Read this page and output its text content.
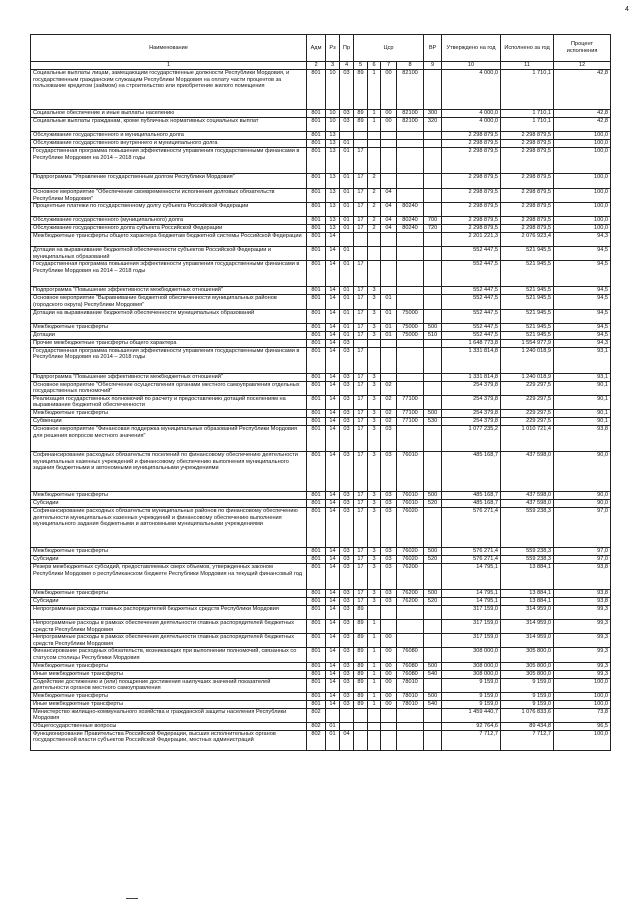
4
Наименование	Адм	Рз	Пр	Цср				ВР	Утверждено на год	Исполнено за год	Процент исполнения
1	2	3	4	5	6	7	8	9	10	11	12
Социальные выплаты лицам, замещающим государственные должности Республики Мордовия, и государственным гражданским служащим Республики Мордовия на оплату части процентов за пользование кредитом (займом) на строительство или приобретение жилого помещения	801	10	03	89	1	00	82100		4 000,0	1 710,1	42,8
Социальное обеспечение и иные выплаты населению	801	10	03	89	1	00	82100	300	4 000,0	1 710,1	42,8
Социальные выплаты гражданам, кроме публичных нормативных социальных выплат	801	10	03	89	1	00	82100	320	4 000,0	1 710,1	42,8
Обслуживание государственного и муниципального долга	801	13							2 298 879,5	2 298 879,5	100,0
Обслуживание государственного внутреннего и муниципального долга	801	13	01						2 298 879,5	2 298 879,5	100,0
Государственная программа повышения эффективности управления государственными финансами в Республике Мордовия на 2014 – 2018 годы	801	13	01	17					2 298 879,5	2 298 879,5	100,0
Подпрограмма "Управление государственным долгом Республики Мордовия"	801	13	01	17	2				2 298 879,5	2 298 879,5	100,0
Основное мероприятие "Обеспечение своевременности исполнения долговых обязательств Республики Мордовия"	801	13	01	17	2	04			2 298 879,5	2 298 879,5	100,0
Процентные платежи по государственному долгу субъекта Российской Федерации	801	13	01	17	2	04	80240		2 298 879,5	2 298 879,5	100,0
Обслуживание государственного (муниципального) долга	801	13	01	17	2	04	80240	700	2 298 879,5	2 298 879,5	100,0
Обслуживание государственного долга субъекта Российской Федерации	801	13	01	17	2	04	80240	720	2 298 879,5	2 298 879,5	100,0
Межбюджетные трансферты общего характера бюджетам бюджетной системы Российской Федерации	801	14							2 201 221,3	2 076 923,4	94,3
Дотации на выравнивание бюджетной обеспеченности субъектов Российской Федерации и муниципальных образований	801	14	01						552 447,5	521 945,5	94,5
Государственная программа повышения эффективности управления государственными финансами в Республике Мордовия на 2014 – 2018 годы	801	14	01	17					552 447,5	521 945,5	94,5
Подпрограмма "Повышение эффективности межбюджетных отношений"	801	14	01	17	3				552 447,5	521 945,5	94,5
Основное мероприятие "Выравнивание бюджетной обеспеченности муниципальных районов (городского округа) Республики Мордовия"	801	14	01	17	3	01			552 447,5	521 945,5	94,5
Дотации на выравнивание бюджетной обеспеченности муниципальных образований	801	14	01	17	3	01	75000		552 447,5	521 945,5	94,5
Межбюджетные трансферты	801	14	01	17	3	01	75000	500	552 447,5	521 945,5	94,5
Дотации	801	14	01	17	3	01	75000	510	552 447,5	521 945,5	94,5
Прочие межбюджетные трансферты общего характера	801	14	03						1 648 773,8	1 554 977,9	94,3
Государственная программа повышения эффективности управления государственными финансами в Республике Мордовия на 2014 – 2018 годы	801	14	03	17					1 331 814,8	1 240 018,9	93,1
Подпрограмма "Повышение эффективности межбюджетных отношений"	801	14	03	17	3				1 331 814,8	1 240 018,9	93,1
Основное мероприятие "Обеспечение осуществления органами местного самоуправления отдельных государственных полномочий"	801	14	03	17	3	02			254 379,8	229 297,5	90,1
Реализация государственных полномочий по расчету и предоставлению дотаций поселениям на выравнивание бюджетной обеспеченности	801	14	03	17	3	02	77100		254 379,8	229 297,5	90,1
Межбюджетные трансферты	801	14	03	17	3	02	77100	500	254 379,8	229 297,5	90,1
Субвенции	801	14	03	17	3	02	77100	530	254 379,8	229 297,5	90,1
Основное мероприятие "Финансовая поддержка муниципальных образований Республики Мордовия для решения вопросов местного значения"	801	14	03	17	3	03			1 077 235,2	1 010 721,4	93,8
Софинансирование расходных обязательств поселений по финансовому обеспечению деятельности муниципальных казенных учреждений и финансовому обеспечению выполнения муниципального задания бюджетными и автономными муниципальными учреждениями	801	14	03	17	3	03	76010		485 168,7	437 598,0	90,0
Межбюджетные трансферты	801	14	03	17	3	03	76010	500	485 168,7	437 598,0	90,0
Субсидии	801	14	03	17	3	03	76010	520	485 168,7	437 598,0	90,0
Софинансирование расходных обязательств муниципальных районов по финансовому обеспечению деятельности муниципальных казенных учреждений и финансовому обеспечению выполнения муниципального задания бюджетными и автономными муниципальными учреждениями	801	14	03	17	3	03	76020		576 271,4	559 238,3	97,0
Межбюджетные трансферты	801	14	03	17	3	03	76020	500	576 271,4	559 238,3	97,0
Субсидии	801	14	03	17	3	03	76020	520	576 271,4	559 238,3	97,0
Резерв межбюджетных субсидий, предоставляемых сверх объемов, утвержденных законом Республики Мордовия о республиканском бюджете Республики Мордовия на текущий финансовый год	801	14	03	17	3	03	76200		14 795,1	13 884,1	93,8
Межбюджетные трансферты	801	14	03	17	3	03	76200	500	14 795,1	13 884,1	93,8
Субсидии	801	14	03	17	3	03	76200	520	14 795,1	13 884,1	93,8
Непрограммные расходы главных распорядителей бюджетных средств Республики Мордовия	801	14	03	89					317 159,0	314 959,0	99,3
Непрограммные расходы в рамках обеспечения деятельности главных распорядителей бюджетных средств Республики Мордовия	801	14	03	89	1				317 159,0	314 959,0	99,3
Непрограммные расходы в рамках обеспечения деятельности главных распорядителей бюджетных средств Республики Мордовия	801	14	03	89	1	00			317 159,0	314 959,0	99,3
Финансирование расходных обязательств, возникающих при выполнении полномочий, связанных со статусом столицы Республики Мордовия	801	14	03	89	1	00	76080		308 000,0	305 800,0	99,3
Межбюджетные трансферты	801	14	03	89	1	00	76080	500	308 000,0	305 800,0	99,3
Иные межбюджетные трансферты	801	14	03	89	1	00	76080	540	308 000,0	305 800,0	99,3
Содействие достижению и (или) поощрение достижения наилучших значений показателей деятельности органов местного самоуправления	801	14	03	89	1	00	78010		9 159,0	9 159,0	100,0
Межбюджетные трансферты	801	14	03	89	1	00	78010	500	9 159,0	9 159,0	100,0
Иные межбюджетные трансферты	801	14	03	89	1	00	78010	540	9 159,0	9 159,0	100,0
Министерство жилищно-коммунального хозяйства и гражданской защиты населения Республики Мордовия	802								1 459 440,7	1 076 833,6	73,8
Общегосударственные вопросы	802	01							92 764,6	89 434,8	96,5
Функционирование Правительства Российской Федерации, высших исполнительных органов государственной власти субъектов Российской Федерации, местных администраций	802	01	04						7 712,7	7 712,7	100,0
